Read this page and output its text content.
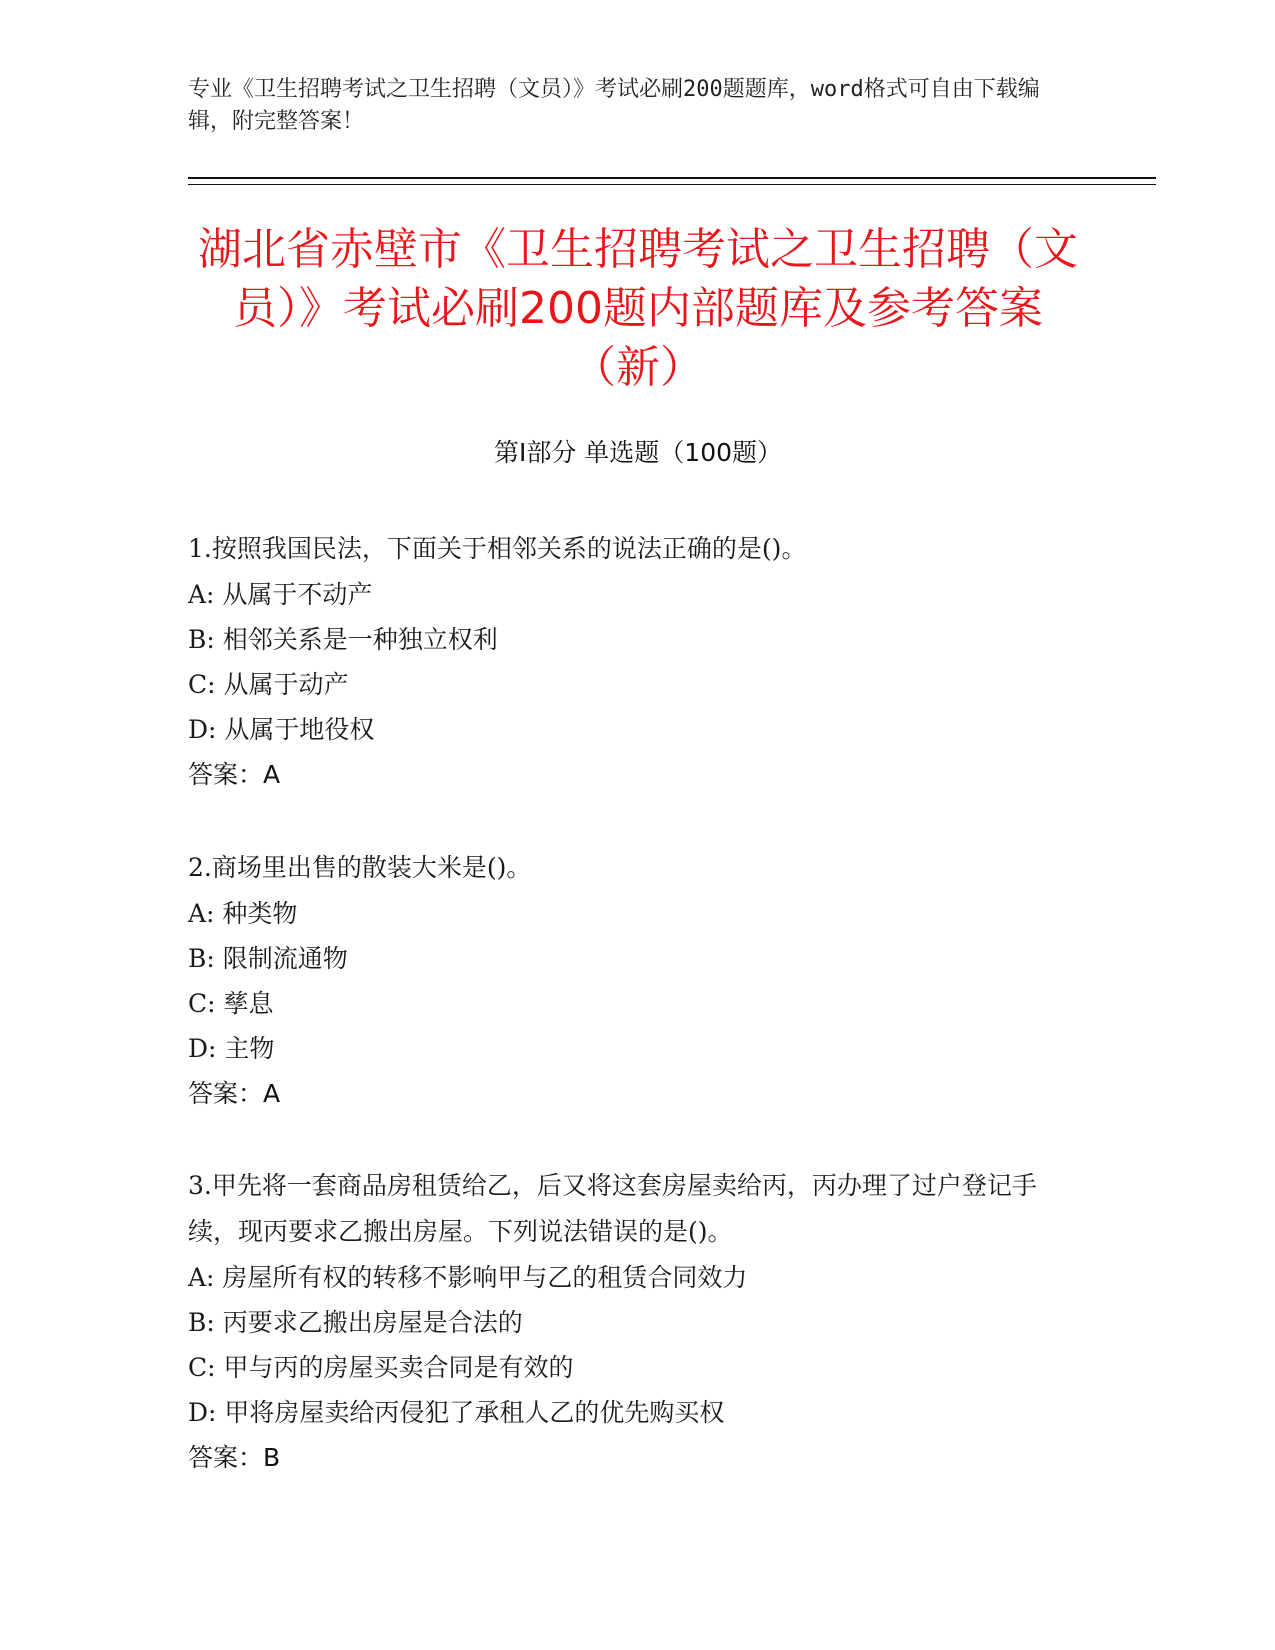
专业《卫生招聘考试之卫生招聘（文员）》考试必刷200题题库，word格式可自由下载编辑，附完整答案！
湖北省赤壁市《卫生招聘考试之卫生招聘（文员）》考试必刷200题内部题库及参考答案（新）
第Ⅰ部分 单选题（100题）
1.按照我国民法，下面关于相邻关系的说法正确的是()。
A: 从属于不动产
B: 相邻关系是一种独立权利
C: 从属于动产
D: 从属于地役权
答案：A
2.商场里出售的散装大米是()。
A: 种类物
B: 限制流通物
C: 孳息
D: 主物
答案：A
3.甲先将一套商品房租赁给乙，后又将这套房屋卖给丙，丙办理了过户登记手续，现丙要求乙搬出房屋。下列说法错误的是()。
A: 房屋所有权的转移不影响甲与乙的租赁合同效力
B: 丙要求乙搬出房屋是合法的
C: 甲与丙的房屋买卖合同是有效的
D: 甲将房屋卖给丙侵犯了承租人乙的优先购买权
答案：B
